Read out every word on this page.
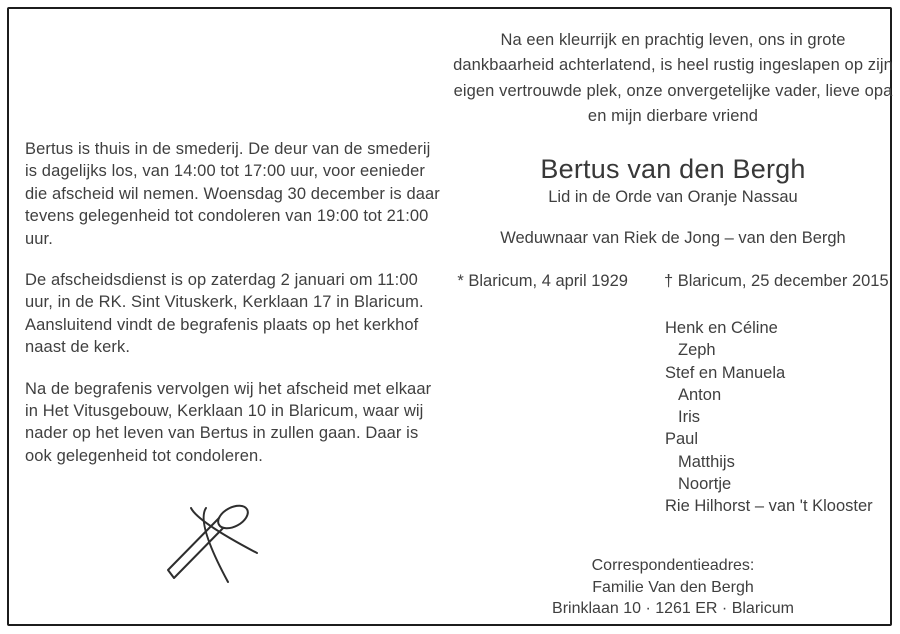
Bertus is thuis in de smederij. De deur van de smederij is dagelijks los, van 14:00 tot 17:00 uur, voor eenieder die afscheid wil nemen. Woensdag 30 december is daar tevens gelegenheid tot condoleren van 19:00 tot 21:00 uur.

De afscheidsdienst is op zaterdag 2 januari om 11:00 uur, in de RK. Sint Vituskerk, Kerklaan 17 in Blaricum. Aansluitend vindt de begrafenis plaats op het kerkhof naast de kerk.

Na de begrafenis vervolgen wij het afscheid met elkaar in Het Vitusgebouw, Kerklaan 10 in Blaricum, waar wij nader op het leven van Bertus in zullen gaan. Daar is ook gelegenheid tot condoleren.

Na een kleurrijk en prachtig leven, ons in grote dankbaarheid achterlatend, is heel rustig ingeslapen op zijn eigen vertrouwde plek, onze onvergetelijke vader, lieve opa en mijn dierbare vriend
Bertus van den Bergh
Lid in de Orde van Oranje Nassau
Weduwnaar van Riek de Jong – van den Bergh
* Blaricum, 4 april 1929 † Blaricum, 25 december 2015
Henk en Céline
Zeph
Stef en Manuela
Anton
Iris
Paul
Matthijs
Noortje
Rie Hilhorst – van 't Klooster
Correspondentieadres:
Familie Van den Bergh
Brinklaan 10 · 1261 ER · Blaricum
